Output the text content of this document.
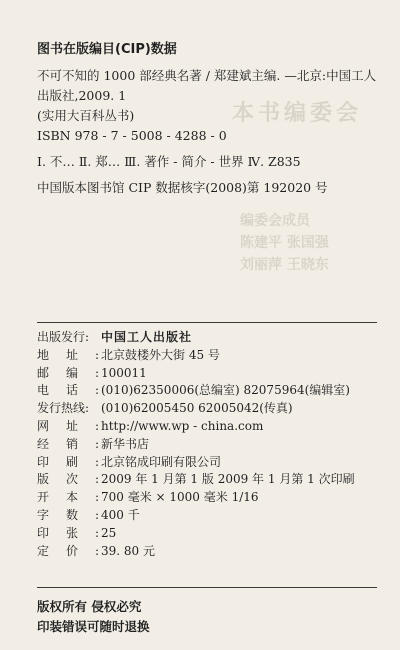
本书编委会
编委会成员
陈建平 张国强
刘丽萍 王晓东
图书在版编目(CIP)数据

不可不知的 1000 部经典名著 / 郑建斌主编. —北京:中国工人

出版社,2009. 1

(实用大百科丛书)

ISBN 978 - 7 - 5008 - 4288 - 0

Ⅰ. 不… Ⅱ. 郑… Ⅲ. 著作 - 简介 - 世界 Ⅳ. Z835

中国版本图书馆 CIP 数据核字(2008)第 192020 号

出版发行: 中国工人出版社
地 址 : 北京鼓楼外大街 45 号
邮 编 : 100011
电 话 : (010)62350006(总编室) 82075964(编辑室)
发行热线: (010)62005450 62005042(传真)
网 址 : http://www.wp - china.com
经 销 : 新华书店
印 刷 : 北京铭成印刷有限公司
版 次 : 2009 年 1 月第 1 版 2009 年 1 月第 1 次印刷
开 本 : 700 毫米 × 1000 毫米 1/16
字 数 : 400 千
印 张 : 25
定 价 : 39. 80 元

版权所有 侵权必究

印装错误可随时退换
